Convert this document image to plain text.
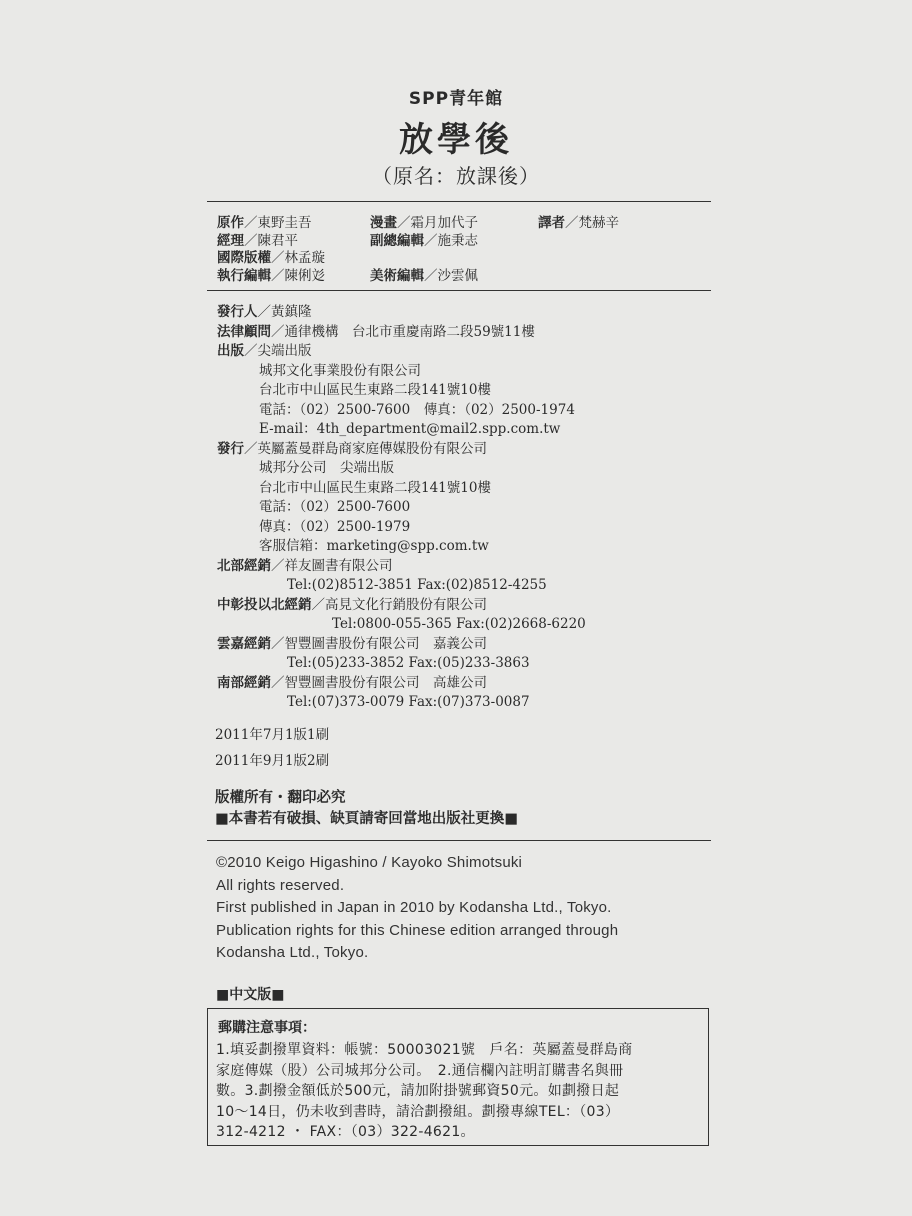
SPP青年館
放學後
（原名：放課後）
原作／東野圭吾	漫畫／霜月加代子	譯者／梵赫辛
經理／陳君平	副總編輯／施秉志
國際版權／林孟璇
執行編輯／陳俐彣	美術編輯／沙雲佩
發行人／黃鎮隆
法律顧問／通律機構　台北市重慶南路二段59號11樓
出版／尖端出版
城邦文化事業股份有限公司
台北市中山區民生東路二段141號10樓
電話：（02）2500-7600　傳真：（02）2500-1974
E-mail：4th_department@mail2.spp.com.tw
發行／英屬蓋曼群島商家庭傳媒股份有限公司
城邦分公司　尖端出版
台北市中山區民生東路二段141號10樓
電話：（02）2500-7600
傳真：（02）2500-1979
客服信箱：marketing@spp.com.tw
北部經銷／祥友圖書有限公司
Tel:(02)8512-3851 Fax:(02)8512-4255
中彰投以北經銷／高見文化行銷股份有限公司
Tel:0800-055-365 Fax:(02)2668-6220
雲嘉經銷／智豐圖書股份有限公司　嘉義公司
Tel:(05)233-3852 Fax:(05)233-3863
南部經銷／智豐圖書股份有限公司　高雄公司
Tel:(07)373-0079 Fax:(07)373-0087
2011年7月1版1刷
2011年9月1版2刷
版權所有・翻印必究
■本書若有破損、缺頁請寄回當地出版社更換■
©2010 Keigo Higashino / Kayoko Shimotsuki
All rights reserved.
First published in Japan in 2010 by Kodansha Ltd., Tokyo.
Publication rights for this Chinese edition arranged through
Kodansha Ltd., Tokyo.
■中文版■
郵購注意事項：
1.填妥劃撥單資料：帳號：50003021號　戶名：英屬蓋曼群島商
家庭傳媒（股）公司城邦分公司。　2.通信欄內註明訂購書名與冊
數。3.劃撥金額低於500元，請加附掛號郵資50元。如劃撥日起
10～14日，仍未收到書時，請洽劃撥組。劃撥專線TEL：（03）
312-4212 ・ FAX：（03）322-4621。
